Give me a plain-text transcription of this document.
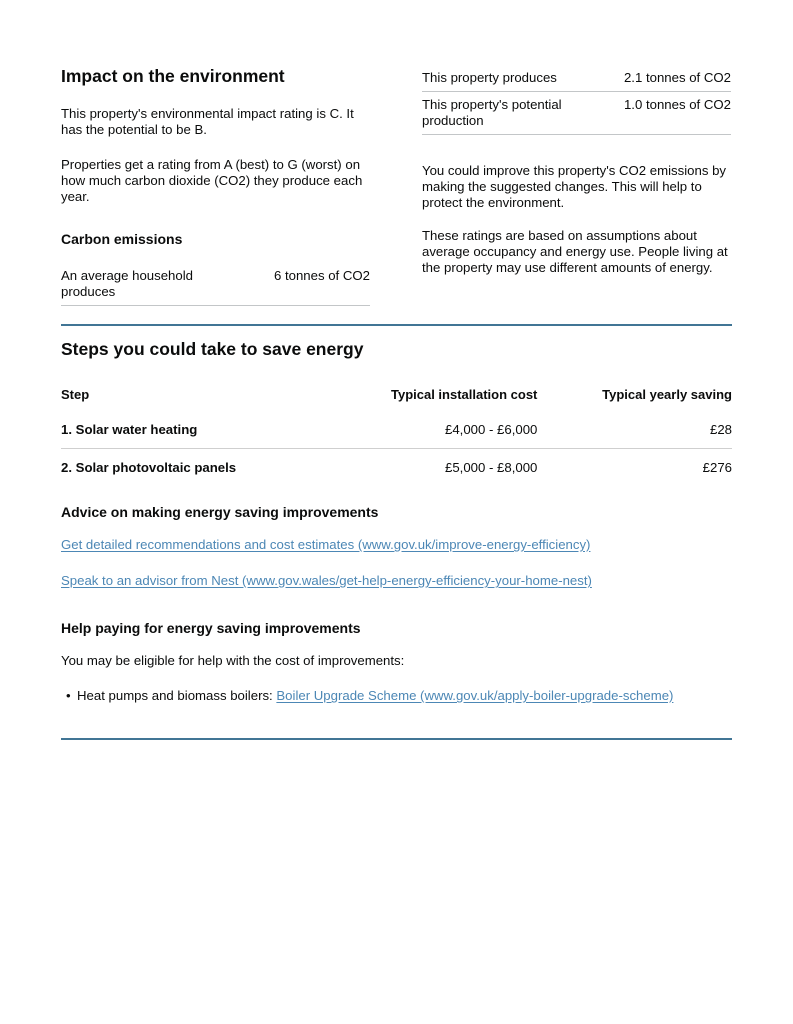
Impact on the environment

This property's environmental impact rating is C. It has the potential to be B.

Properties get a rating from A (best) to G (worst) on how much carbon dioxide (CO2) they produce each year.

Carbon emissions
An average household produces	6 tonnes of CO2
This property produces	2.1 tonnes of CO2
This property's potential production	1.0 tonnes of CO2

You could improve this property's CO2 emissions by making the suggested changes. This will help to protect the environment.

These ratings are based on assumptions about average occupancy and energy use. People living at the property may use different amounts of energy.

Steps you could take to save energy
Step	Typical installation cost	Typical yearly saving
1. Solar water heating	£4,000 - £6,000	£28
2. Solar photovoltaic panels	£5,000 - £8,000	£276
Advice on making energy saving improvements
Get detailed recommendations and cost estimates (www.gov.uk/improve-energy-efficiency)
Speak to an advisor from Nest (www.gov.wales/get-help-energy-efficiency-your-home-nest)
Help paying for energy saving improvements

You may be eligible for help with the cost of improvements:

• Heat pumps and biomass boilers: Boiler Upgrade Scheme (www.gov.uk/apply-boiler-upgrade-scheme)
